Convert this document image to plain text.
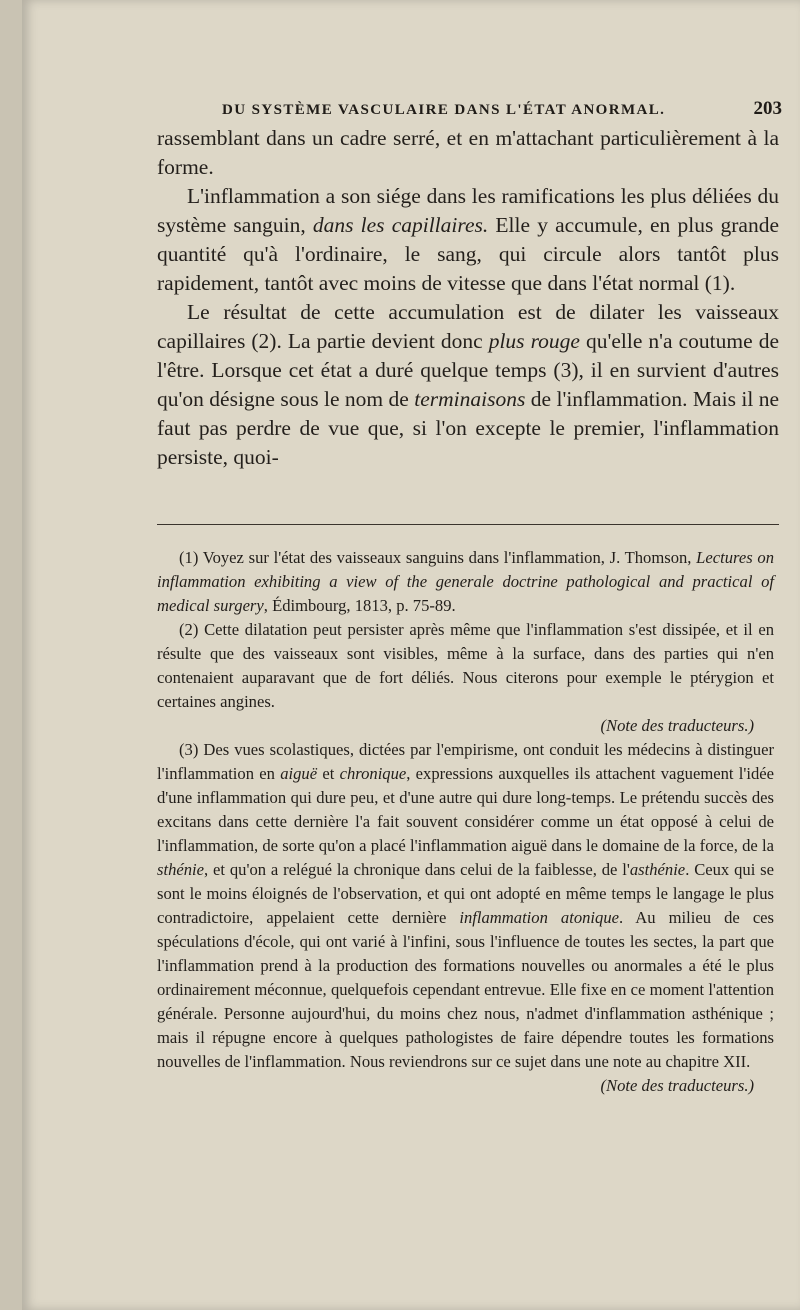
DU SYSTÈME VASCULAIRE DANS L'ÉTAT ANORMAL.	203

rassemblant dans un cadre serré, et en m'attachant particulièrement à la forme.

L'inflammation a son siége dans les ramifications les plus déliées du système sanguin, dans les capillaires. Elle y accumule, en plus grande quantité qu'à l'ordinaire, le sang, qui circule alors tantôt plus rapidement, tantôt avec moins de vitesse que dans l'état normal (1).

Le résultat de cette accumulation est de dilater les vaisseaux capillaires (2). La partie devient donc plus rouge qu'elle n'a coutume de l'être. Lorsque cet état a duré quelque temps (3), il en survient d'autres qu'on désigne sous le nom de terminaisons de l'inflammation. Mais il ne faut pas perdre de vue que, si l'on excepte le premier, l'inflammation persiste, quoi-

(1) Voyez sur l'état des vaisseaux sanguins dans l'inflammation, J. Thomson, Lectures on inflammation exhibiting a view of the generale doctrine pathological and practical of medical surgery, Édimbourg, 1813, p. 75-89.

(2) Cette dilatation peut persister après même que l'inflammation s'est dissipée, et il en résulte que des vaisseaux sont visibles, même à la surface, dans des parties qui n'en contenaient auparavant que de fort déliés. Nous citerons pour exemple le ptérygion et certaines angines.

(Note des traducteurs.)

(3) Des vues scolastiques, dictées par l'empirisme, ont conduit les médecins à distinguer l'inflammation en aiguë et chronique, expressions auxquelles ils attachent vaguement l'idée d'une inflammation qui dure peu, et d'une autre qui dure long-temps. Le prétendu succès des excitans dans cette dernière l'a fait souvent considérer comme un état opposé à celui de l'inflammation, de sorte qu'on a placé l'inflammation aiguë dans le domaine de la force, de la sthénie, et qu'on a relégué la chronique dans celui de la faiblesse, de l'asthénie. Ceux qui se sont le moins éloignés de l'observation, et qui ont adopté en même temps le langage le plus contradictoire, appelaient cette dernière inflammation atonique. Au milieu de ces spéculations d'école, qui ont varié à l'infini, sous l'influence de toutes les sectes, la part que l'inflammation prend à la production des formations nouvelles ou anormales a été le plus ordinairement méconnue, quelquefois cependant entrevue. Elle fixe en ce moment l'attention générale. Personne aujourd'hui, du moins chez nous, n'admet d'inflammation asthénique ; mais il répugne encore à quelques pathologistes de faire dépendre toutes les formations nouvelles de l'inflammation. Nous reviendrons sur ce sujet dans une note au chapitre XII.

(Note des traducteurs.)
